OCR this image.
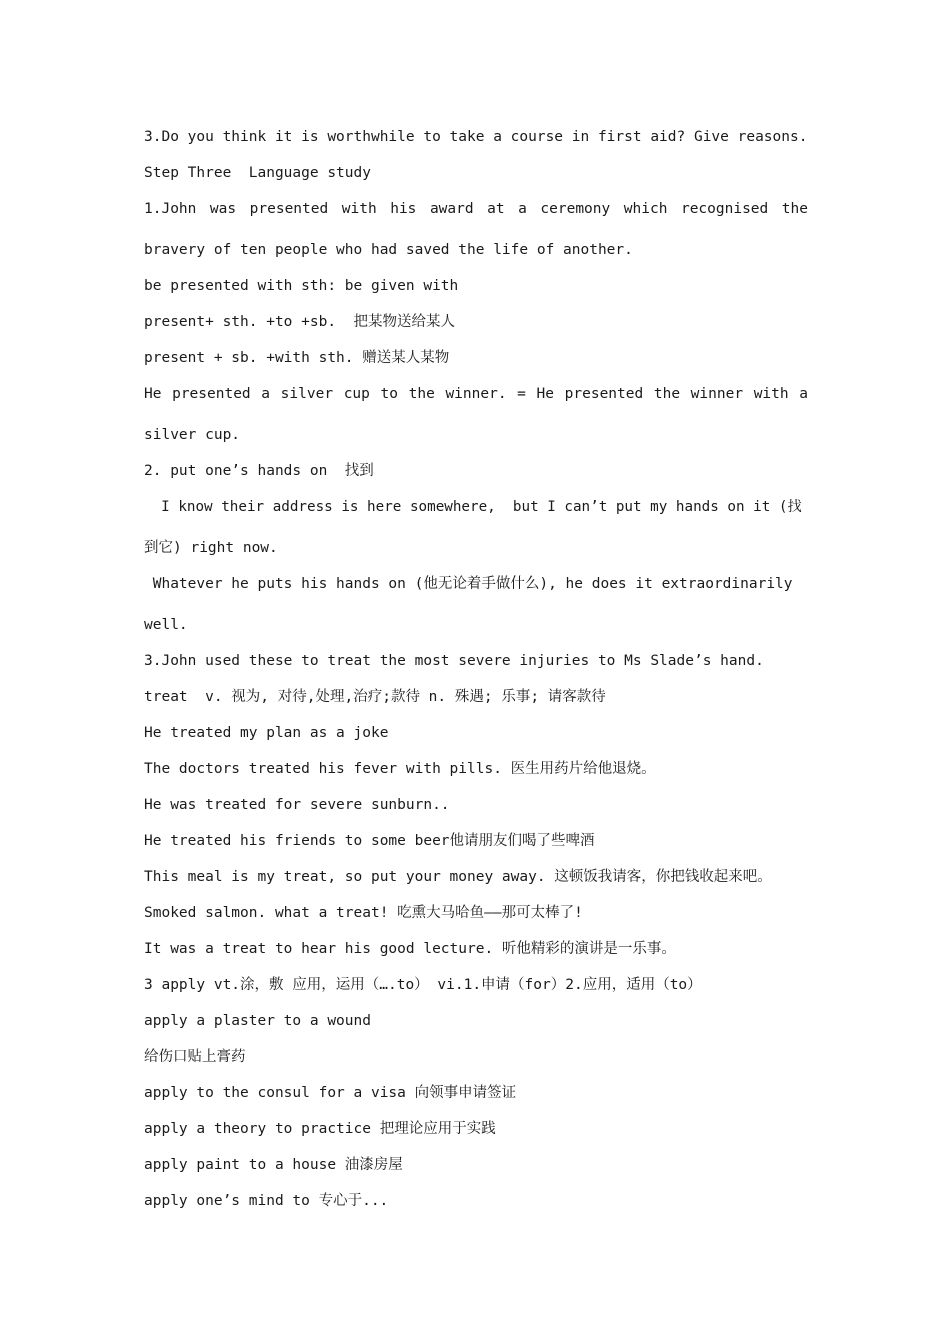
3.Do you think it is worthwhile to take a course in first aid? Give reasons.

Step Three  Language study

1.John was presented with his award at a ceremony which recognised the

bravery of ten people who had saved the life of another.

be presented with sth: be given with

present+ sth. +to +sb.  把某物送给某人

present + sb. +with sth. 赠送某人某物

He presented a silver cup to the winner. = He presented the winner with a

silver cup.

2. put one’s hands on  找到

I know their address is here somewhere,  but I can’t put my hands on it (找

到它) right now.

Whatever he puts his hands on (他无论着手做什么), he does it extraordinarily

well.

3.John used these to treat the most severe injuries to Ms Slade’s hand.

treat  v. 视为, 对待,处理,治疗;款待 n. 殊遇; 乐事; 请客款待

He treated my plan as a joke

The doctors treated his fever with pills. 医生用药片给他退烧。

He was treated for severe sunburn..

He treated his friends to some beer他请朋友们喝了些啤酒

This meal is my treat, so put your money away. 这顿饭我请客，你把钱收起来吧。

Smoked salmon. what a treat! 吃熏大马哈鱼——那可太棒了!

It was a treat to hear his good lecture. 听他精彩的演讲是一乐事。

3 apply vt.涂，敷 应用，运用（….to） vi.1.申请（for）2.应用，适用（to）

apply a plaster to a wound

给伤口贴上膏药

apply to the consul for a visa 向领事申请签证

apply a theory to practice 把理论应用于实践

apply paint to a house 油漆房屋

apply one’s mind to 专心于...
